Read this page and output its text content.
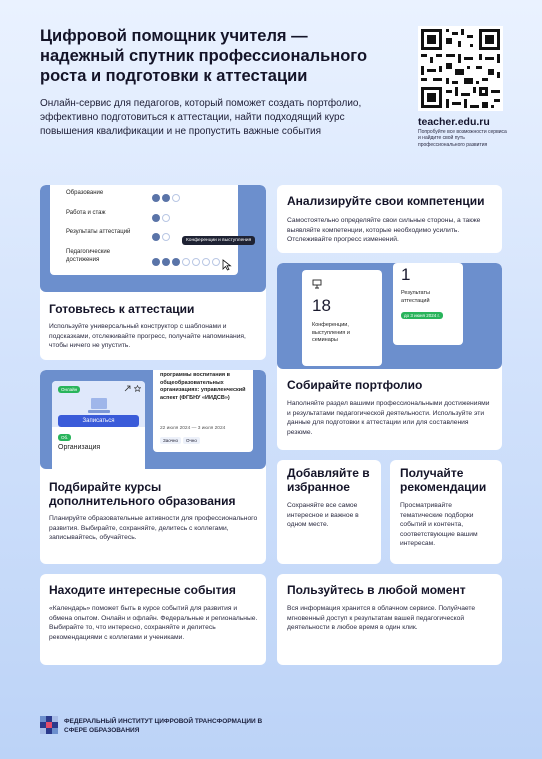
Цифровой помощник учителя — надежный спутник профессионального роста и подготовки к аттестации
Онлайн-сервис для педагогов, который поможет создать портфолио, эффективно подготовиться к аттестации, найти подходящий курс повышения квалификации и не пропустить важные события
teacher.edu.ru
Попробуйте все возможности сервиса и найдите свой путь профессионального развития
Образование
Работа и стаж
Результаты аттестаций
Педагогические достижения
Конференции и выступления
Готовьтесь к аттестации

Используйте универсальный конструктор с шаблонами и подсказками, отслеживайте прогресс, получайте напоминания, чтобы ничего не упустить.

Анализируйте свои компетенции

Самостоятельно определяйте свои сильные стороны, а также выявляйте компетенции, которые необходимо усилить. Отслеживайте прогресс изменений.

18
Конференции, выступления и семинары
1
Результаты аттестаций
до 3 июня 2024 г.
Собирайте портфолио

Наполняйте раздел вашими профессиональными достижениями и результатами педагогической деятельности. Используйте эти данные для подготовки к аттестации или для составления резюме.

Онлайн
Записаться
Об.
Организация
программы воспитания в общеобразовательных организациях: управленческий аспект (ФГБНУ «ИИДСВ»)
22 июля 2024 — 3 июля 2024
Заочно	Очно
Подбирайте курсы дополнительного образования

Планируйте образовательные активности для профессионального развития. Выбирайте, сохраняйте, делитесь с коллегами, записывайтесь, обучайтесь.

Добавляйте в избранное

Сохраняйте все самое интересное и важное в одном месте.

Получайте рекомендации

Просматривайте тематические подборки событий и контента, соответствующие вашим интересам.

Находите интересные события

«Календарь» поможет быть в курсе событий для развития и обмена опытом. Онлайн и офлайн. Федеральные и региональные. Выбирайте то, что интересно, сохраняйте и делитесь рекомендациями с коллегами и учениками.

Пользуйтесь в любой момент

Вся информация хранится в облачном сервисе. Полуйчаете мгновенный доступ к результатам вашей педагогической деятельности в любое время в один клик.

ФЕДЕРАЛЬНЫЙ ИНСТИТУТ ЦИФРОВОЙ ТРАНСФОРМАЦИИ В СФЕРЕ ОБРАЗОВАНИЯ
